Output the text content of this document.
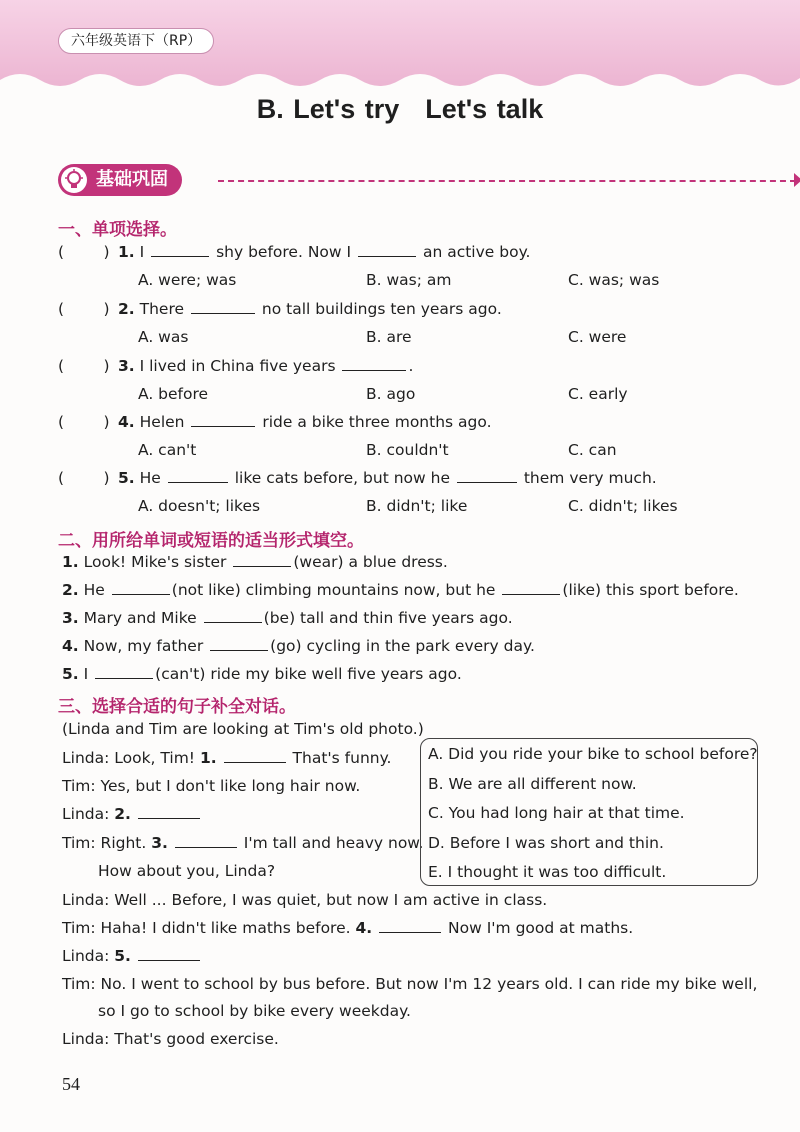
六年级英语下（RP）
B. Let's try Let's talk
基础巩固
一、单项选择。
(        ) 1. I	shy before. Now I	an active boy.
A. were; was	B. was; am	C. was; was
(        ) 2. There	no tall buildings ten years ago.
A. was	B. are	C. were
(        ) 3. I lived in China five years	.
A. before	B. ago	C. early
(        ) 4. Helen	ride a bike three months ago.
A. can't	B. couldn't	C. can
(        ) 5. He	like cats before, but now he	them very much.
A. doesn't; likes	B. didn't; like	C. didn't; likes
二、用所给单词或短语的适当形式填空。
1. Look! Mike's sister	(wear) a blue dress.
2. He	(not like) climbing mountains now, but he	(like) this sport before.
3. Mary and Mike	(be) tall and thin five years ago.
4. Now, my father	(go) cycling in the park every day.
5. I	(can't) ride my bike well five years ago.
三、选择合适的句子补全对话。
(Linda and Tim are looking at Tim's old photo.)
Linda: Look, Tim! 1.	That's funny.
Tim: Yes, but I don't like long hair now.
Linda: 2.
Tim: Right. 3.	I'm tall and heavy now.
How about you, Linda?
Linda: Well ... Before, I was quiet, but now I am active in class.
Tim: Haha! I didn't like maths before. 4.	Now I'm good at maths.
Linda: 5.
Tim: No. I went to school by bus before. But now I'm 12 years old. I can ride my bike well,
so I go to school by bike every weekday.
Linda: That's good exercise.
A. Did you ride your bike to school before?
B. We are all different now.
C. You had long hair at that time.
D. Before I was short and thin.
E. I thought it was too difficult.
54
